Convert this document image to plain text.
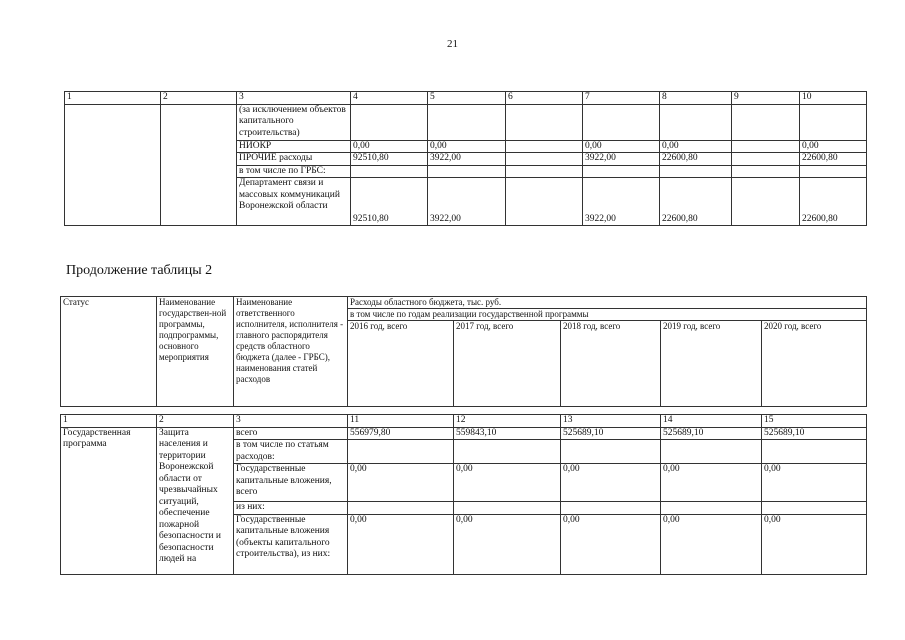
21
1	2	3	4	5	6	7	8	9	10
		(за исключением объектов капитального строительства)							
		НИОКР	0,00	0,00		0,00	0,00		0,00
		ПРОЧИЕ расходы	92510,80	3922,00		3922,00	22600,80		22600,80
		в том числе по ГРБС:							
		Департамент связи и массовых коммуникаций Воронежской области	92510,80	3922,00		3922,00	22600,80		22600,80
Продолжение таблицы 2
Статус	Наименование государствен-ной программы, подпрограммы, основного мероприятия	Наименование ответственного исполнителя, исполнителя - главного распорядителя средств областного бюджета (далее - ГРБС), наименования статей расходов	Расходы областного бюджета, тыс. руб.				
			в том числе по годам реализации государственной программы				
			2016 год, всего	2017 год, всего	2018 год, всего	2019 год, всего	2020 год, всего
1	2	3	11	12	13	14	15
Государственная программа	Защита населения и территории Воронежской области от чрезвычайных ситуаций, обеспечение пожарной безопасности и безопасности людей на	всего	556979,80	559843,10	525689,10	525689,10	525689,10
		в том числе по статьям расходов:					
		Государственные капитальные вложения, всего	0,00	0,00	0,00	0,00	0,00
		из них:					
		Государственные капитальные вложения (объекты капитального строительства), из них:	0,00	0,00	0,00	0,00	0,00
